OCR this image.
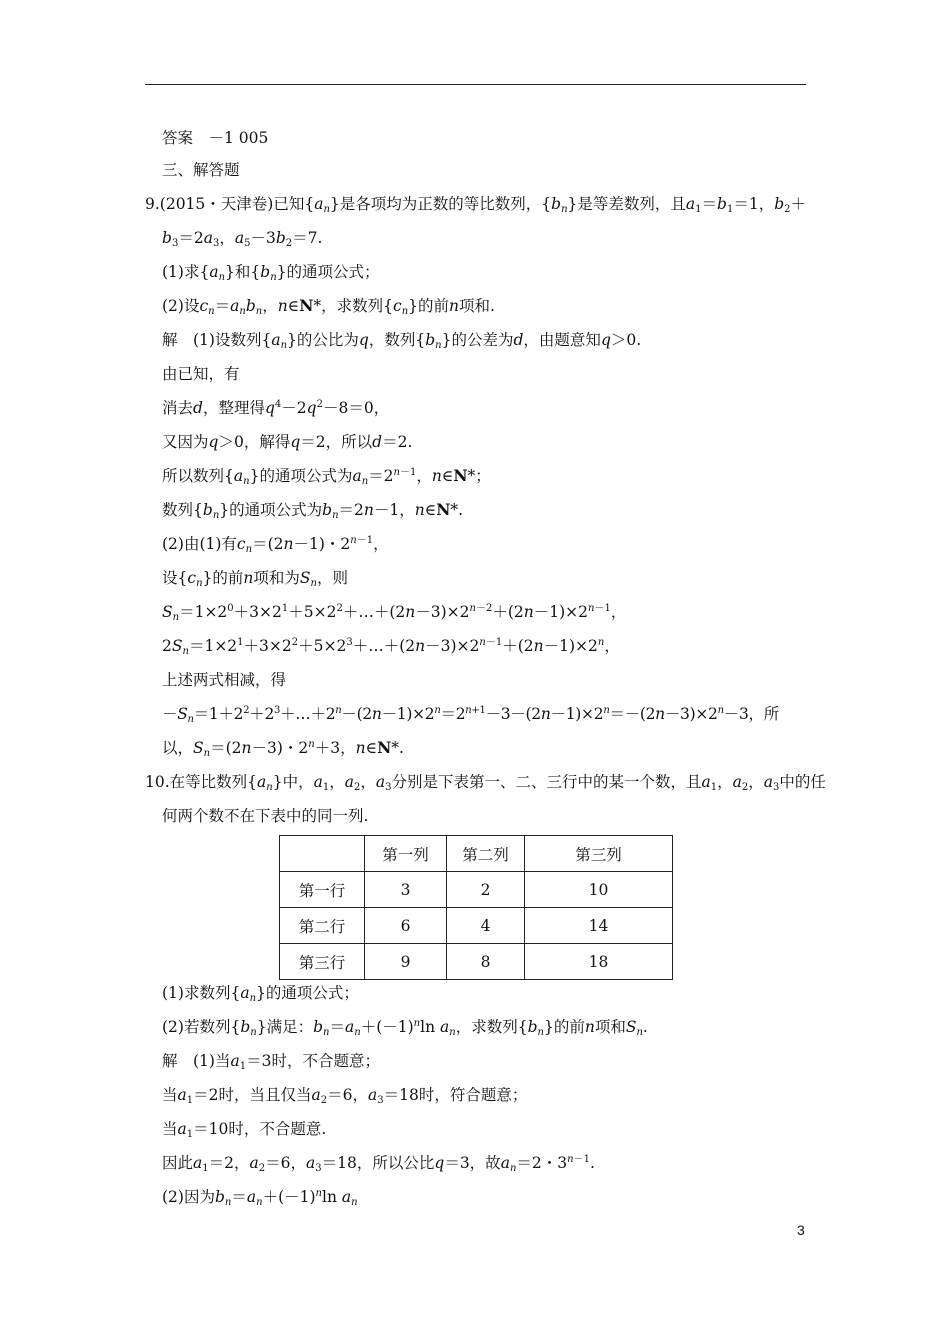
答案　－1 005
三、解答题
9.(2015・天津卷)已知$\{a_n\}$是各项均为正数的等比数列，$\{b_n\}$是等差数列，且$a_1=b_1=1$，$b_2+$
$b_3=2a_3$，$a_5-3b_2=7$.
(1)求$\{a_n\}$和$\{b_n\}$的通项公式；
(2)设$c_n=a_nb_n$，n∈N*，求数列$\{c_n\}$的前n项和.
解　(1)设数列$\{a_n\}$的公比为q，数列$\{b_n\}$的公差为d，由题意知q＞0.
由已知，有
消去d，整理得$q^4-2q^2-8=0$，
又因为q＞0，解得q＝2，所以d＝2.
所以数列$\{a_n\}$的通项公式为$a_n=2^{n-1}$，n∈N*；
数列$\{b_n\}$的通项公式为$b_n=2n-1$，n∈N*.
(2)由(1)有$c_n=(2n-1)$・$2^{n-1}$，
设$\{c_n\}$的前n项和为$S_n$，则
$S_n=1\times 2^0+3\times 2^1+5\times 2^2+\dots+(2n-3)\times 2^{n-2}+(2n-1)\times 2^{n-1}$，
$2S_n=1\times 2^1+3\times 2^2+5\times 2^3+\dots+(2n-3)\times 2^{n-1}+(2n-1)\times 2^n$，
上述两式相减，得
$-S_n=1+2^2+2^3+\dots+2^n-(2n-1)\times 2^n=2^{n+1}-3-(2n-1)\times 2^n=-(2n-3)\times 2^n-3$，所
以，$S_n=(2n-3)$・$2^n+3$，n∈N*.
10.在等比数列$\{a_n\}$中，$a_1$，$a_2$，$a_3$分别是下表第一、二、三行中的某一个数，且$a_1$，$a_2$，$a_3$中的任
何两个数不在下表中的同一列.
	第一列	第二列	第三列
第一行	3	2	10
第二行	6	4	14
第三行	9	8	18
(1)求数列$\{a_n\}$的通项公式；
(2)若数列$\{b_n\}$满足：$b_n=a_n+(-1)^n\ln$ $a_n$，求数列$\{b_n\}$的前n项和$S_n$.
解　(1)当$a_1=3$时，不合题意；
当$a_1=2$时，当且仅当$a_2=6$，$a_3=18$时，符合题意；
当$a_1=10$时，不合题意.
因此$a_1=2$，$a_2=6$，$a_3=18$，所以公比q＝3，故$a_n=2$・$3^{n-1}$.
(2)因为$b_n=a_n+(-1)^n\ln$ $a_n$
3
